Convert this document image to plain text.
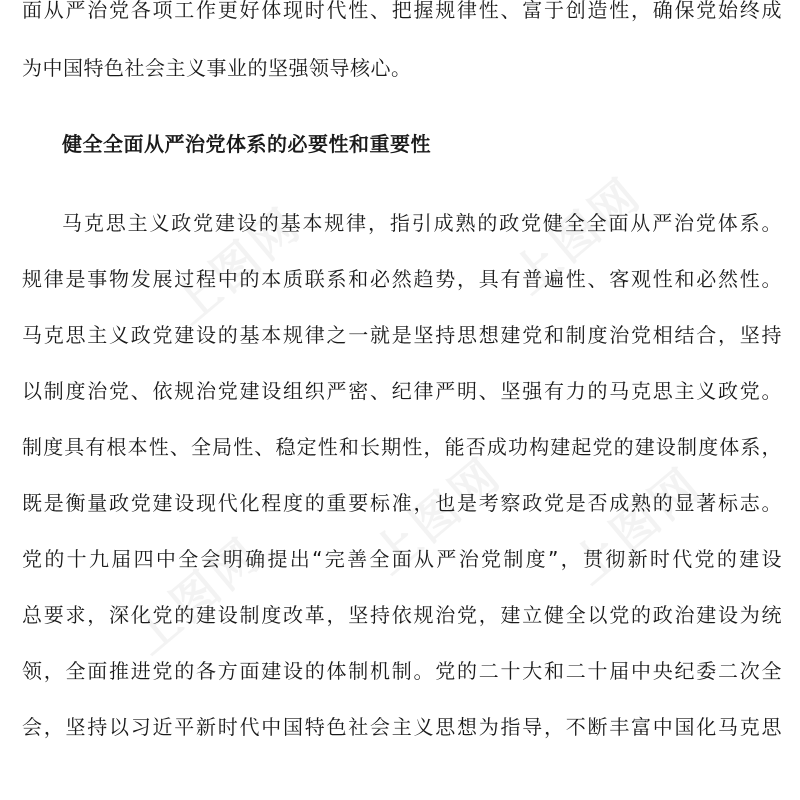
上图网	上图网
上图网 上图网
上图网
面从严治党各项工作更好体现时代性、把握规律性、富于创造性，确保党始终成
为中国特色社会主义事业的坚强领导核心。
健全全面从严治党体系的必要性和重要性
马克思主义政党建设的基本规律，指引成熟的政党健全全面从严治党体系。
规律是事物发展过程中的本质联系和必然趋势，具有普遍性、客观性和必然性。
马克思主义政党建设的基本规律之一就是坚持思想建党和制度治党相结合，坚持
以制度治党、依规治党建设组织严密、纪律严明、坚强有力的马克思主义政党。
制度具有根本性、全局性、稳定性和长期性，能否成功构建起党的建设制度体系，
既是衡量政党建设现代化程度的重要标准，也是考察政党是否成熟的显著标志。
党的十九届四中全会明确提出“完善全面从严治党制度”，贯彻新时代党的建设
总要求，深化党的建设制度改革，坚持依规治党，建立健全以党的政治建设为统
领，全面推进党的各方面建设的体制机制。党的二十大和二十届中央纪委二次全
会，坚持以习近平新时代中国特色社会主义思想为指导，不断丰富中国化马克思
